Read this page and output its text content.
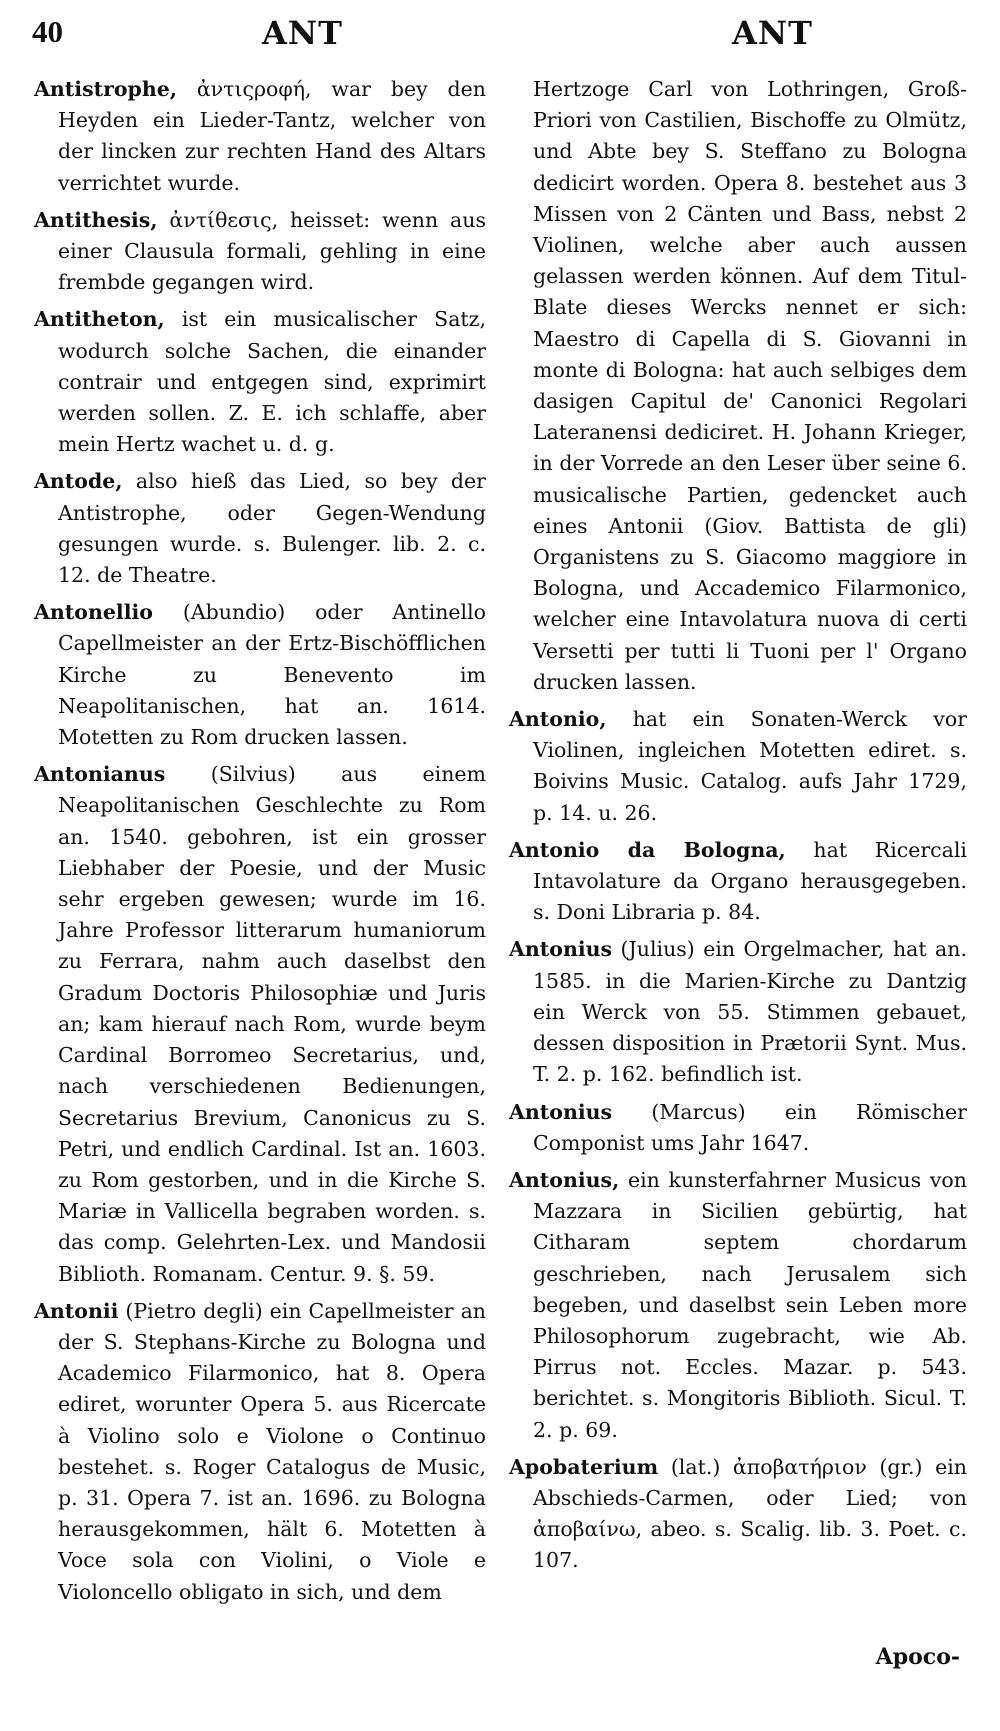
40	ANT	ANT

Antistrophe, ἀντιςροφή, war bey den Heyden ein Lieder-Tantz, welcher von der lincken zur rechten Hand des Altars verrichtet wurde.

Antithesis, ἀντίθεσις, heisset: wenn aus einer Clausula formali, gehling in eine frembde gegangen wird.

Antitheton, ist ein musicalischer Satz, wodurch solche Sachen, die einander contrair und entgegen sind, exprimirt werden sollen. Z. E. ich schlaffe, aber mein Hertz wachet u. d. g.

Antode, also hieß das Lied, so bey der Antistrophe, oder Gegen-Wendung gesungen wurde. s. Bulenger. lib. 2. c. 12. de Theatre.

Antonellio (Abundio) oder Antinello Capellmeister an der Ertz-Bischöfflichen Kirche zu Benevento im Neapolitanischen, hat an. 1614. Motetten zu Rom drucken lassen.

Antonianus (Silvius) aus einem Neapolitanischen Geschlechte zu Rom an. 1540. gebohren, ist ein grosser Liebhaber der Poesie, und der Music sehr ergeben gewesen; wurde im 16. Jahre Professor litterarum humaniorum zu Ferrara, nahm auch daselbst den Gradum Doctoris Philosophiæ und Juris an; kam hierauf nach Rom, wurde beym Cardinal Borromeo Secretarius, und, nach verschiedenen Bedienungen, Secretarius Brevium, Canonicus zu S. Petri, und endlich Cardinal. Ist an. 1603. zu Rom gestorben, und in die Kirche S. Mariæ in Vallicella begraben worden. s. das comp. Gelehrten-Lex. und Mandosii Biblioth. Romanam. Centur. 9. §. 59.

Antonii (Pietro degli) ein Capellmeister an der S. Stephans-Kirche zu Bologna und Academico Filarmonico, hat 8. Opera ediret, worunter Opera 5. aus Ricercate à Violino solo e Violone o Continuo bestehet. s. Roger Catalogus de Music, p. 31. Opera 7. ist an. 1696. zu Bologna herausgekommen, hält 6. Motetten à Voce sola con Violini, o Viole e Violoncello obligato in sich, und dem

Hertzoge Carl von Lothringen, Groß-Priori von Castilien, Bischoffe zu Olmütz, und Abte bey S. Steffano zu Bologna dedicirt worden. Opera 8. bestehet aus 3 Missen von 2 Cänten und Bass, nebst 2 Violinen, welche aber auch aussen gelassen werden können. Auf dem Titul-Blate dieses Wercks nennet er sich: Maestro di Capella di S. Giovanni in monte di Bologna: hat auch selbiges dem dasigen Capitul de' Canonici Regolari Lateranensi dediciret. H. Johann Krieger, in der Vorrede an den Leser über seine 6. musicalische Partien, gedencket auch eines Antonii (Giov. Battista de gli) Organistens zu S. Giacomo maggiore in Bologna, und Accademico Filarmonico, welcher eine Intavolatura nuova di certi Versetti per tutti li Tuoni per l' Organo drucken lassen.

Antonio, hat ein Sonaten-Werck vor Violinen, ingleichen Motetten ediret. s. Boivins Music. Catalog. aufs Jahr 1729, p. 14. u. 26.

Antonio da Bologna, hat Ricercali Intavolature da Organo herausgegeben. s. Doni Libraria p. 84.

Antonius (Julius) ein Orgelmacher, hat an. 1585. in die Marien-Kirche zu Dantzig ein Werck von 55. Stimmen gebauet, dessen disposition in Prætorii Synt. Mus. T. 2. p. 162. befindlich ist.

Antonius (Marcus) ein Römischer Componist ums Jahr 1647.

Antonius, ein kunsterfahrner Musicus von Mazzara in Sicilien gebürtig, hat Citharam septem chordarum geschrieben, nach Jerusalem sich begeben, und daselbst sein Leben more Philosophorum zugebracht, wie Ab. Pirrus not. Eccles. Mazar. p. 543. berichtet. s. Mongitoris Biblioth. Sicul. T. 2. p. 69.

Apobaterium (lat.) ἀποβατήριον (gr.) ein Abschieds-Carmen, oder Lied; von ἀποβαίνω, abeo. s. Scalig. lib. 3. Poet. c. 107.

Apoco-
